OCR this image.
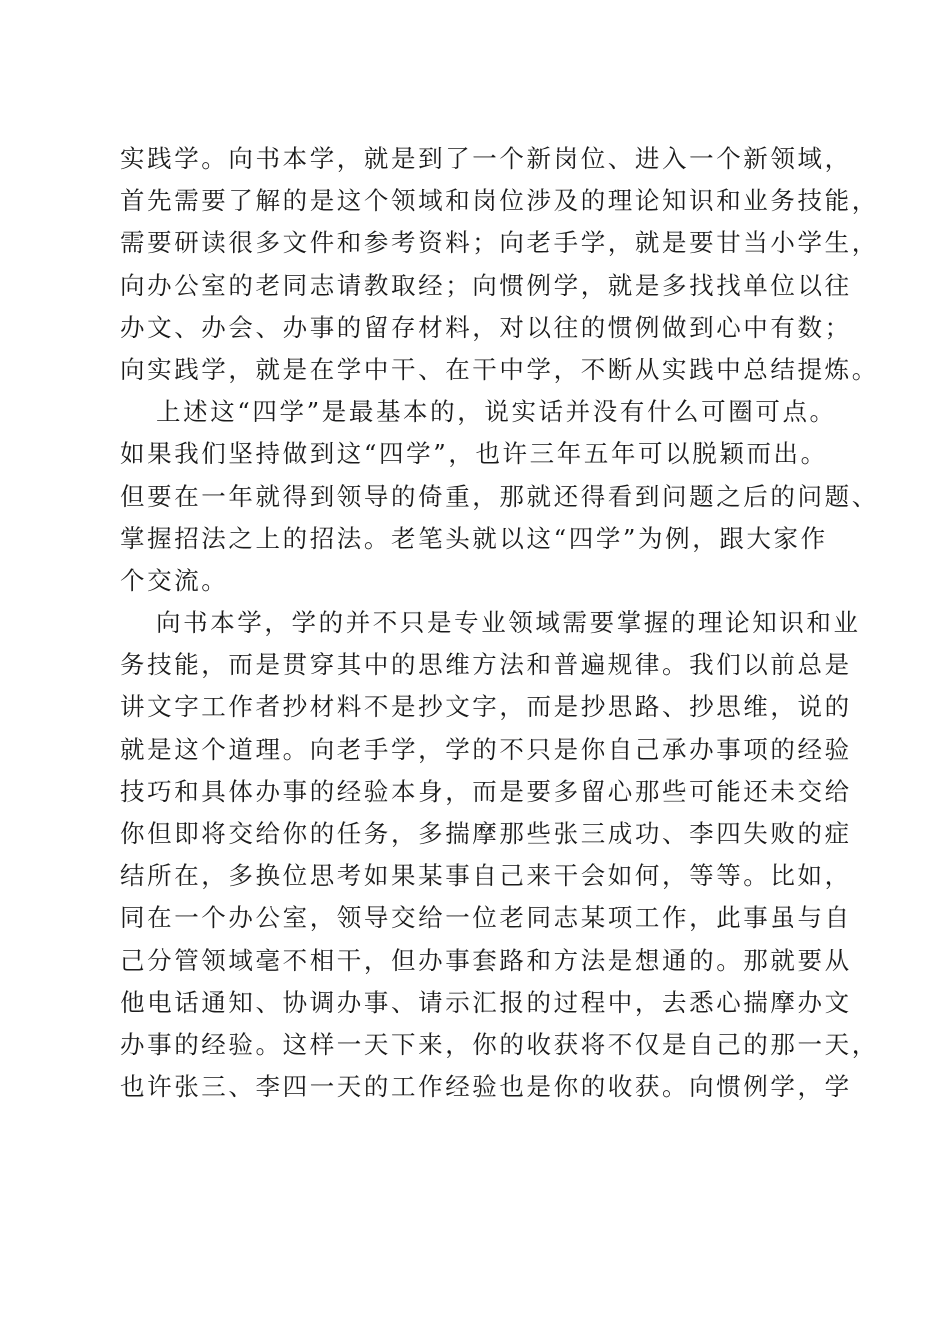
实践学。向书本学，就是到了一个新岗位、进入一个新领域，
首先需要了解的是这个领域和岗位涉及的理论知识和业务技能，
需要研读很多文件和参考资料；向老手学，就是要甘当小学生，
向办公室的老同志请教取经；向惯例学，就是多找找单位以往
办文、办会、办事的留存材料，对以往的惯例做到心中有数；
向实践学，就是在学中干、在干中学，不断从实践中总结提炼。
上述这“四学”是最基本的，说实话并没有什么可圈可点。
如果我们坚持做到这“四学”，也许三年五年可以脱颖而出。
但要在一年就得到领导的倚重，那就还得看到问题之后的问题、
掌握招法之上的招法。老笔头就以这“四学”为例，跟大家作
个交流。
向书本学，学的并不只是专业领域需要掌握的理论知识和业
务技能，而是贯穿其中的思维方法和普遍规律。我们以前总是
讲文字工作者抄材料不是抄文字，而是抄思路、抄思维，说的
就是这个道理。向老手学，学的不只是你自己承办事项的经验
技巧和具体办事的经验本身，而是要多留心那些可能还未交给
你但即将交给你的任务，多揣摩那些张三成功、李四失败的症
结所在，多换位思考如果某事自己来干会如何，等等。比如，
同在一个办公室，领导交给一位老同志某项工作，此事虽与自
己分管领域毫不相干，但办事套路和方法是想通的。那就要从
他电话通知、协调办事、请示汇报的过程中，去悉心揣摩办文
办事的经验。这样一天下来，你的收获将不仅是自己的那一天，
也许张三、李四一天的工作经验也是你的收获。向惯例学，学
